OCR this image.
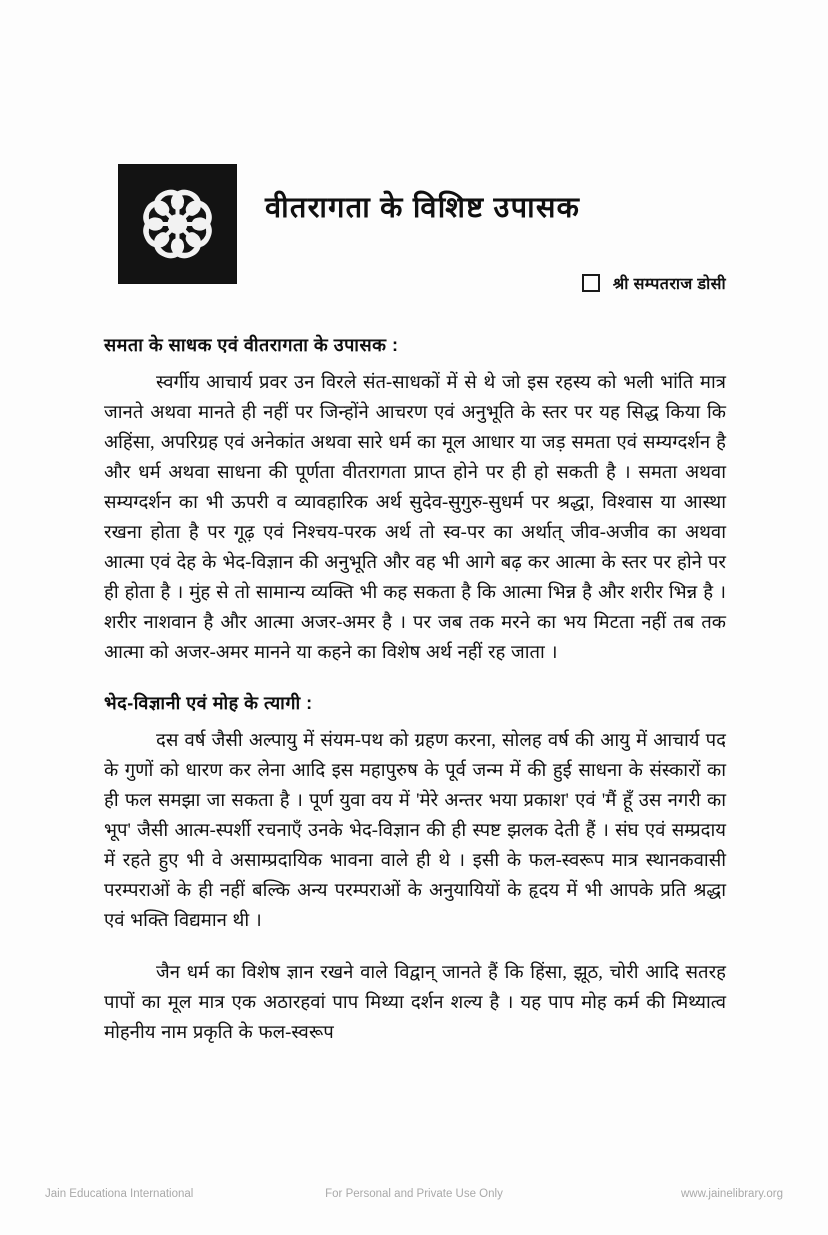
वीतरागता के विशिष्ट उपासक
श्री सम्पतराज डोसी
समता के साधक एवं वीतरागता के उपासक :

स्वर्गीय आचार्य प्रवर उन विरले संत-साधकों में से थे जो इस रहस्य को भली भांति मात्र जानते अथवा मानते ही नहीं पर जिन्होंने आचरण एवं अनुभूति के स्तर पर यह सिद्ध किया कि अहिंसा, अपरिग्रह एवं अनेकांत अथवा सारे धर्म का मूल आधार या जड़ समता एवं सम्यग्दर्शन है और धर्म अथवा साधना की पूर्णता वीतरागता प्राप्त होने पर ही हो सकती है । समता अथवा सम्यग्दर्शन का भी ऊपरी व व्यावहारिक अर्थ सुदेव-सुगुरु-सुधर्म पर श्रद्धा, विश्वास या आस्था रखना होता है पर गूढ़ एवं निश्चय-परक अर्थ तो स्व-पर का अर्थात् जीव-अजीव का अथवा आत्मा एवं देह के भेद-विज्ञान की अनुभूति और वह भी आगे बढ़ कर आत्मा के स्तर पर होने पर ही होता है । मुंह से तो सामान्य व्यक्ति भी कह सकता है कि आत्मा भिन्न है और शरीर भिन्न है । शरीर नाशवान है और आत्मा अजर-अमर है । पर जब तक मरने का भय मिटता नहीं तब तक आत्मा को अजर-अमर मानने या कहने का विशेष अर्थ नहीं रह जाता ।

भेद-विज्ञानी एवं मोह के त्यागी :

दस वर्ष जैसी अल्पायु में संयम-पथ को ग्रहण करना, सोलह वर्ष की आयु में आचार्य पद के गुणों को धारण कर लेना आदि इस महापुरुष के पूर्व जन्म में की हुई साधना के संस्कारों का ही फल समझा जा सकता है । पूर्ण युवा वय में 'मेरे अन्तर भया प्रकाश' एवं 'मैं हूँ उस नगरी का भूप' जैसी आत्म-स्पर्शी रचनाएँ उनके भेद-विज्ञान की ही स्पष्ट झलक देती हैं । संघ एवं सम्प्रदाय में रहते हुए भी वे असाम्प्रदायिक भावना वाले ही थे । इसी के फल-स्वरूप मात्र स्थानकवासी परम्पराओं के ही नहीं बल्कि अन्य परम्पराओं के अनुयायियों के हृदय में भी आपके प्रति श्रद्धा एवं भक्ति विद्यमान थी ।

जैन धर्म का विशेष ज्ञान रखने वाले विद्वान् जानते हैं कि हिंसा, झूठ, चोरी आदि सतरह पापों का मूल मात्र एक अठारहवां पाप मिथ्या दर्शन शल्य है । यह पाप मोह कर्म की मिथ्यात्व मोहनीय नाम प्रकृति के फल-स्वरूप

Jain Educationa International	For Personal and Private Use Only	www.jainelibrary.org
